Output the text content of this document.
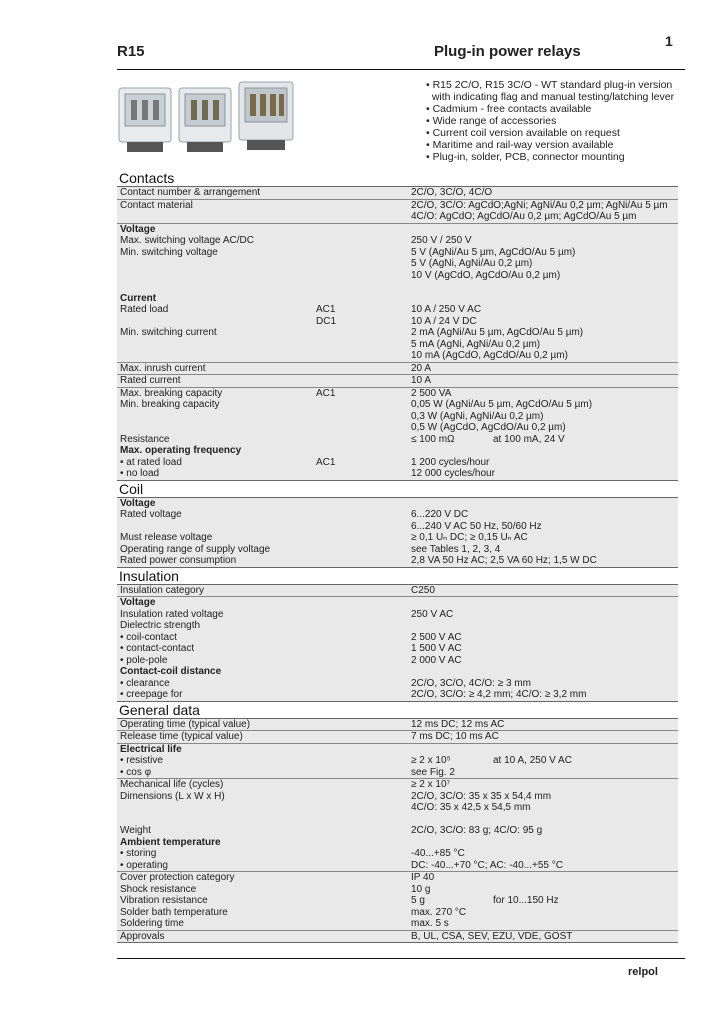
1
R15	Plug-in power relays
• R15 2C/O, R15 3C/O - WT standard plug-in version
with indicating flag and manual testing/latching lever
• Cadmium - free contacts available
• Wide range of accessories
• Current coil version available on request
• Maritime and rail-way version available
• Plug-in, solder, PCB, connector mounting
Contacts
Contact number & arrangement	2C/O, 3C/O, 4C/O
Contact material	2C/O, 3C/O: AgCdO;AgNi; AgNi/Au 0,2 µm; AgNi/Au 5 µm
4C/O: AgCdO; AgCdO/Au 0,2 µm; AgCdO/Au 5 µm
Voltage
Max. switching voltage AC/DC	250 V / 250 V
Min. switching voltage	5 V (AgNi/Au 5 µm, AgCdO/Au 5 µm)
5 V (AgNi, AgNi/Au 0,2 µm)
10 V (AgCdO, AgCdO/Au 0,2 µm)
Current
Rated load	AC1	10 A / 250 V AC
DC1	10 A / 24 V DC
Min. switching current	2 mA (AgNi/Au 5 µm, AgCdO/Au 5 µm)
5 mA (AgNi, AgNi/Au 0,2 µm)
10 mA (AgCdO, AgCdO/Au 0,2 µm)
Max. inrush current	20 A
Rated current	10 A
Max. breaking capacity	AC1	2 500 VA
Min. breaking capacity	0,05 W (AgNi/Au 5 µm, AgCdO/Au 5 µm)
0,3 W (AgNi, AgNi/Au 0,2 µm)
0,5 W (AgCdO, AgCdO/Au 0,2 µm)
Resistance	≤ 100 mΩ	at 100 mA, 24 V
Max. operating frequency
• at rated load	AC1	1 200 cycles/hour
• no load	12 000 cycles/hour
Coil
Voltage
Rated voltage	6...220 V DC
6...240 V AC 50 Hz, 50/60 Hz
Must release voltage	≥ 0,1 Uₙ DC; ≥ 0,15 Uₙ AC
Operating range of supply voltage	see Tables 1, 2, 3, 4
Rated power consumption	2,8 VA 50 Hz AC; 2,5 VA 60 Hz; 1,5 W DC
Insulation
Insulation category	C250
Voltage
Insulation rated voltage	250 V AC
Dielectric strength
• coil-contact	2 500 V AC
• contact-contact	1 500 V AC
• pole-pole	2 000 V AC
Contact-coil distance
• clearance	2C/O, 3C/O, 4C/O: ≥ 3 mm
• creepage for	2C/O, 3C/O: ≥ 4,2 mm; 4C/O: ≥ 3,2 mm
General data
Operating time (typical value)	12 ms DC; 12 ms AC
Release time (typical value)	7 ms DC; 10 ms AC
Electrical life
• resistive	≥ 2 x 10⁵	at 10 A, 250 V AC
• cos φ	see Fig. 2
Mechanical life (cycles)	≥ 2 x 10⁷
Dimensions (L x W x H)	2C/O, 3C/O: 35 x 35 x 54,4 mm
4C/O: 35 x 42,5 x 54,5 mm
Weight	2C/O, 3C/O: 83 g; 4C/O: 95 g
Ambient temperature
• storing	-40...+85 °C
• operating	DC: -40...+70 °C; AC: -40...+55 °C
Cover protection category	IP 40
Shock resistance	10 g
Vibration resistance	5 g	for 10...150 Hz
Solder bath temperature	max. 270 °C
Soldering time	max. 5 s
Approvals	B, UL, CSA, SEV, EZU, VDE, GOST
relpol
